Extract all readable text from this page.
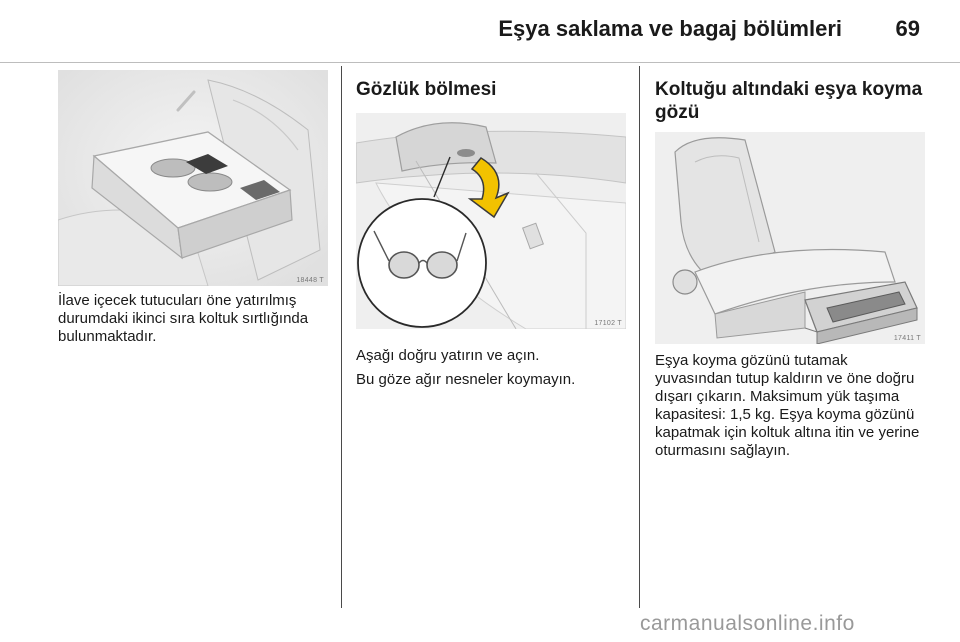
Eşya saklama ve bagaj bölümleri 69
18448 T

İlave içecek tutucuları öne yatırılmış durumdaki ikinci sıra koltuk sırtlığında bulunmaktadır.

Gözlük bölmesi
17102 T

Aşağı doğru yatırın ve açın.

Bu göze ağır nesneler koymayın.

Koltuğu altındaki eşya koyma gözü
17411 T

Eşya koyma gözünü tutamak yuvasından tutup kaldırın ve öne doğru dışarı çıkarın. Maksimum yük taşıma kapasitesi: 1,5 kg. Eşya koyma gözünü kapatmak için koltuk altına itin ve yerine oturmasını sağlayın.

carmanualsonline.info
